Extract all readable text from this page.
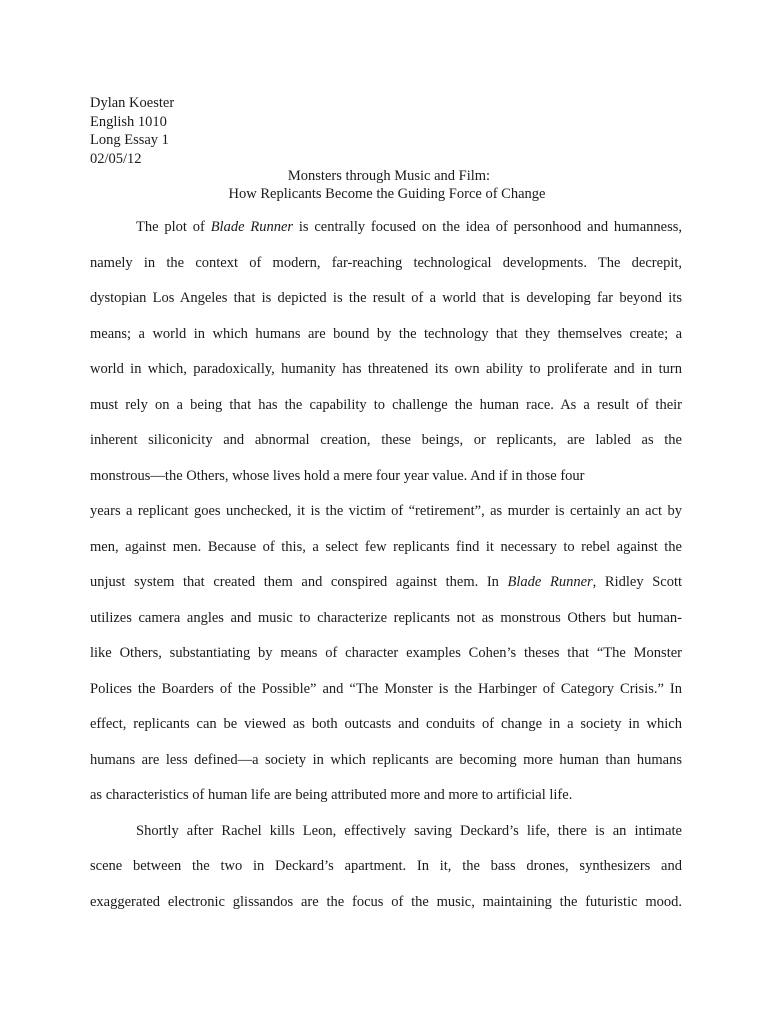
Dylan Koester
English 1010
Long Essay 1
02/05/12
Monsters through Music and Film:
How Replicants Become the Guiding Force of Change
The plot of Blade Runner is centrally focused on the idea of personhood and humanness,
namely in the context of modern, far-reaching technological developments. The decrepit,
dystopian Los Angeles that is depicted is the result of a world that is developing far beyond its
means; a world in which humans are bound by the technology that they themselves create; a
world in which, paradoxically, humanity has threatened its own ability to proliferate and in turn
must rely on a being that has the capability to challenge the human race. As a result of their
inherent siliconicity and abnormal creation, these beings, or replicants, are labled as the
monstrous—the Others, whose lives hold a mere four year value. And if in those four
years a replicant goes unchecked, it is the victim of “retirement”, as murder is certainly an act by
men, against men. Because of this, a select few replicants find it necessary to rebel against the
unjust system that created them and conspired against them. In Blade Runner, Ridley Scott
utilizes camera angles and music to characterize replicants not as monstrous Others but human-
like Others, substantiating by means of character examples Cohen’s theses that “The Monster
Polices the Boarders of the Possible” and “The Monster is the Harbinger of Category Crisis.” In
effect, replicants can be viewed as both outcasts and conduits of change in a society in which
humans are less defined—a society in which replicants are becoming more human than humans
as characteristics of human life are being attributed more and more to artificial life.
Shortly after Rachel kills Leon, effectively saving Deckard’s life, there is an intimate
scene between the two in Deckard’s apartment. In it, the bass drones, synthesizers and
exaggerated electronic glissandos are the focus of the music, maintaining the futuristic mood.
